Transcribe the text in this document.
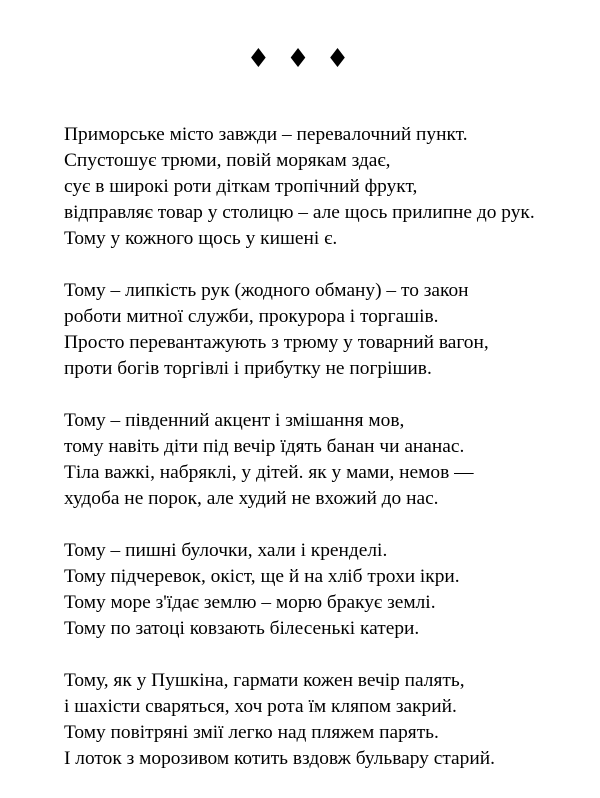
♦ ♦ ♦
Приморське місто завжди – перевалочний пункт.
Спустошує трюми, повій морякам здає,
сує в широкі роти діткам тропічний фрукт,
відправляє товар у столицю – але щось прилипне до рук.
Тому у кожного щось у кишені є.
Тому – липкість рук (жодного обману) – то закон
роботи митної служби, прокурора і торгашів.
Просто перевантажують з трюму у товарний вагон,
проти богів торгівлі і прибутку не погрішив.
Тому – південний акцент і змішання мов,
тому навіть діти під вечір їдять банан чи ананас.
Тіла важкі, набряклі, у дітей. як у мами, немов —
худоба не порок, але худий не вхожий до нас.
Тому – пишні булочки, хали і кренделі.
Тому підчеревок, окіст, ще й на хліб трохи ікри.
Тому море з'їдає землю – морю бракує землі.
Тому по затоці ковзають білесенькі катери.
Тому, як у Пушкіна, гармати кожен вечір палять,
і шахісти сваряться, хоч рота їм кляпом закрий.
Тому повітряні змії легко над пляжем парять.
І лоток з морозивом котить вздовж бульвару старий.
